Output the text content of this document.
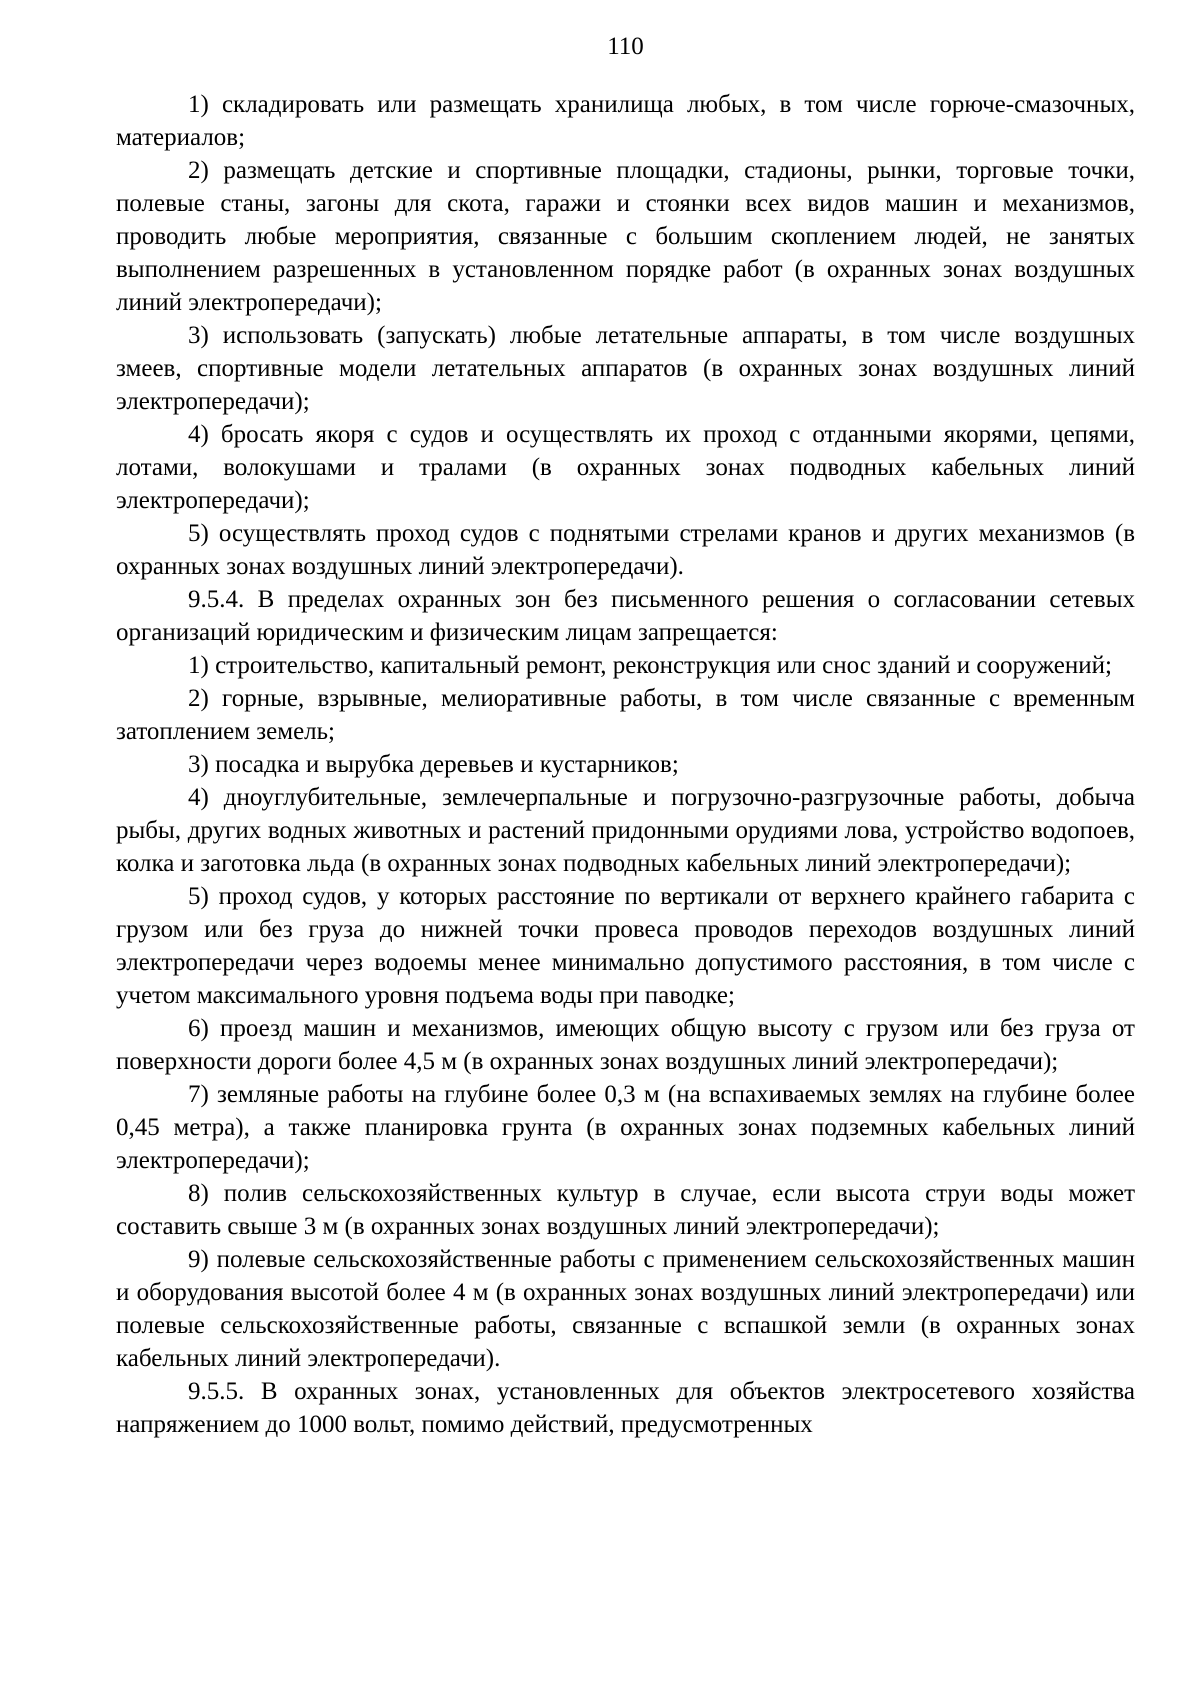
110

1) складировать или размещать хранилища любых, в том числе горюче-смазочных, материалов;

2) размещать детские и спортивные площадки, стадионы, рынки, торговые точки, полевые станы, загоны для скота, гаражи и стоянки всех видов машин и механизмов, проводить любые мероприятия, связанные с большим скоплением людей, не занятых выполнением разрешенных в установленном порядке работ (в охранных зонах воздушных линий электропередачи);

3) использовать (запускать) любые летательные аппараты, в том числе воздушных змеев, спортивные модели летательных аппаратов (в охранных зонах воздушных линий электропередачи);

4) бросать якоря с судов и осуществлять их проход с отданными якорями, цепями, лотами, волокушами и тралами (в охранных зонах подводных кабельных линий электропередачи);

5) осуществлять проход судов с поднятыми стрелами кранов и других механизмов (в охранных зонах воздушных линий электропередачи).

9.5.4. В пределах охранных зон без письменного решения о согласовании сетевых организаций юридическим и физическим лицам запрещается:

1) строительство, капитальный ремонт, реконструкция или снос зданий и сооружений;

2) горные, взрывные, мелиоративные работы, в том числе связанные с временным затоплением земель;

3) посадка и вырубка деревьев и кустарников;

4) дноуглубительные, землечерпальные и погрузочно-разгрузочные работы, добыча рыбы, других водных животных и растений придонными орудиями лова, устройство водопоев, колка и заготовка льда (в охранных зонах подводных кабельных линий электропередачи);

5) проход судов, у которых расстояние по вертикали от верхнего крайнего габарита с грузом или без груза до нижней точки провеса проводов переходов воздушных линий электропередачи через водоемы менее минимально допустимого расстояния, в том числе с учетом максимального уровня подъема воды при паводке;

6) проезд машин и механизмов, имеющих общую высоту с грузом или без груза от поверхности дороги более 4,5 м (в охранных зонах воздушных линий электропередачи);

7) земляные работы на глубине более 0,3 м (на вспахиваемых землях на глубине более 0,45 метра), а также планировка грунта (в охранных зонах подземных кабельных линий электропередачи);

8) полив сельскохозяйственных культур в случае, если высота струи воды может составить свыше 3 м (в охранных зонах воздушных линий электропередачи);

9) полевые сельскохозяйственные работы с применением сельскохозяйственных машин и оборудования высотой более 4 м (в охранных зонах воздушных линий электропередачи) или полевые сельскохозяйственные работы, связанные с вспашкой земли (в охранных зонах кабельных линий электропередачи).

9.5.5. В охранных зонах, установленных для объектов электросетевого хозяйства напряжением до 1000 вольт, помимо действий, предусмотренных
